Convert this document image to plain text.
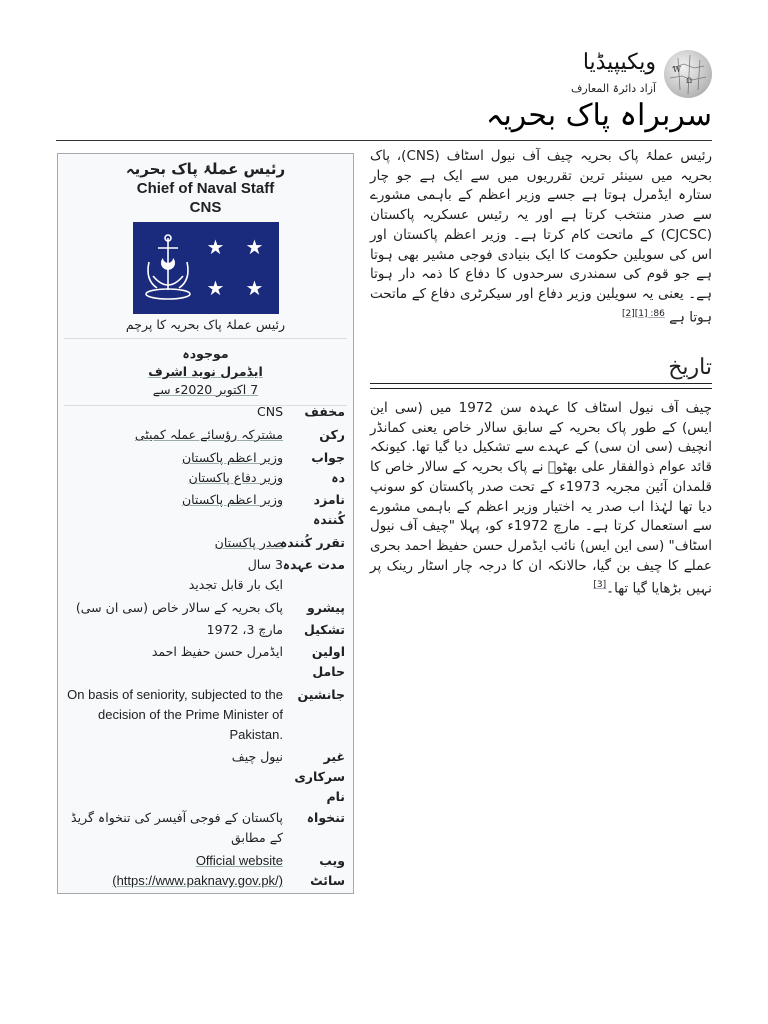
W
Ω
ویکیپیڈیا
آزاد دائرۃ المعارف
سربراہ پاک بحریہ
رئیس عملۂ پاک بحریہ
Chief of Naval Staff
CNS
★ ★
★ ★
رئیس عملۂ پاک بحریہ کا پرچم
موجودہ
ایڈمرل نوید اشرف
7 اکتوبر 2020ء سے
مخفف
CNS
رکن
مشترکہ رؤسائے عملہ کمیٹی
جواب دہ
وزیر اعظم پاکستان
وزیر دفاع پاکستان
نامزد کُنندہ
وزیر اعظم پاکستان
تقرر کُنندہ
صدر پاکستان
مدت عہدہ
3 سال
ایک بار قابل تجدید
پیشرو
پاک بحریہ کے سالار خاص (سی ان سی)
تشکیل
مارچ 3، 1972
اولین حامل
ایڈمرل حسن حفیظ احمد
جانشین
On basis of seniority, subjected to the decision of the Prime Minister of Pakistan.
غیر سرکاری نام
نیول چیف
تنخواہ
پاکستان کے فوجی آفیسر کی تنخواہ گریڈ کے مطابق
ویب سائٹ
Official website (https://www.paknavy.gov.pk/)
رئیس عملۂ پاک بحریہ چیف آف نیول اسٹاف (CNS)، پاک بحریہ میں سینئر ترین تقرریوں میں سے ایک ہے جو چار ستارہ ایڈمرل ہوتا ہے جسے وزیر اعظم کے باہمی مشورے سے صدر منتخب کرتا ہے اور یہ رئیس عسکریہ پاکستان (CJCSC) کے ماتحت کام کرتا ہے۔ وزیر اعظم پاکستان اور اس کی سویلین حکومت کا ایک بنیادی فوجی مشیر بھی ہوتا ہے جو قوم کی سمندری سرحدوں کا دفاع کا ذمہ دار ہوتا ہے۔ یعنی یہ سویلین وزیر دفاع اور سیکرٹری دفاع کے ماتحت ہوتا ہے $^{86: [1][2]}$
تاریخ
چیف آف نیول اسٹاف کا عہدہ سن 1972 میں (سی این ایس) کے طور پاک بحریہ کے سابق سالار خاص یعنی کمانڈر انچیف (سی ان سی) کے عہدے سے تشکیل دیا گیا تھا. کیونکہ قائد عوام ذوالفقار علی بھٹوؒ نے پاک بحریہ کے سالار خاص کا قلمدان آئین مجریہ 1973ء کے تحت صدر پاکستان کو سونپ دیا تھا لہٰذا اب صدر یہ اختیار وزیر اعظم کے باہمی مشورے سے استعمال کرتا ہے۔ مارچ 1972ء کو، پہلا "چیف آف نیول اسٹاف" (سی این ایس) نائب ایڈمرل حسن حفیظ احمد بحری عملے کا چیف بن گیا، حالانکہ ان کا درجہ چار اسٹار رینک پر نہیں بڑھایا گیا تھا۔[3]
